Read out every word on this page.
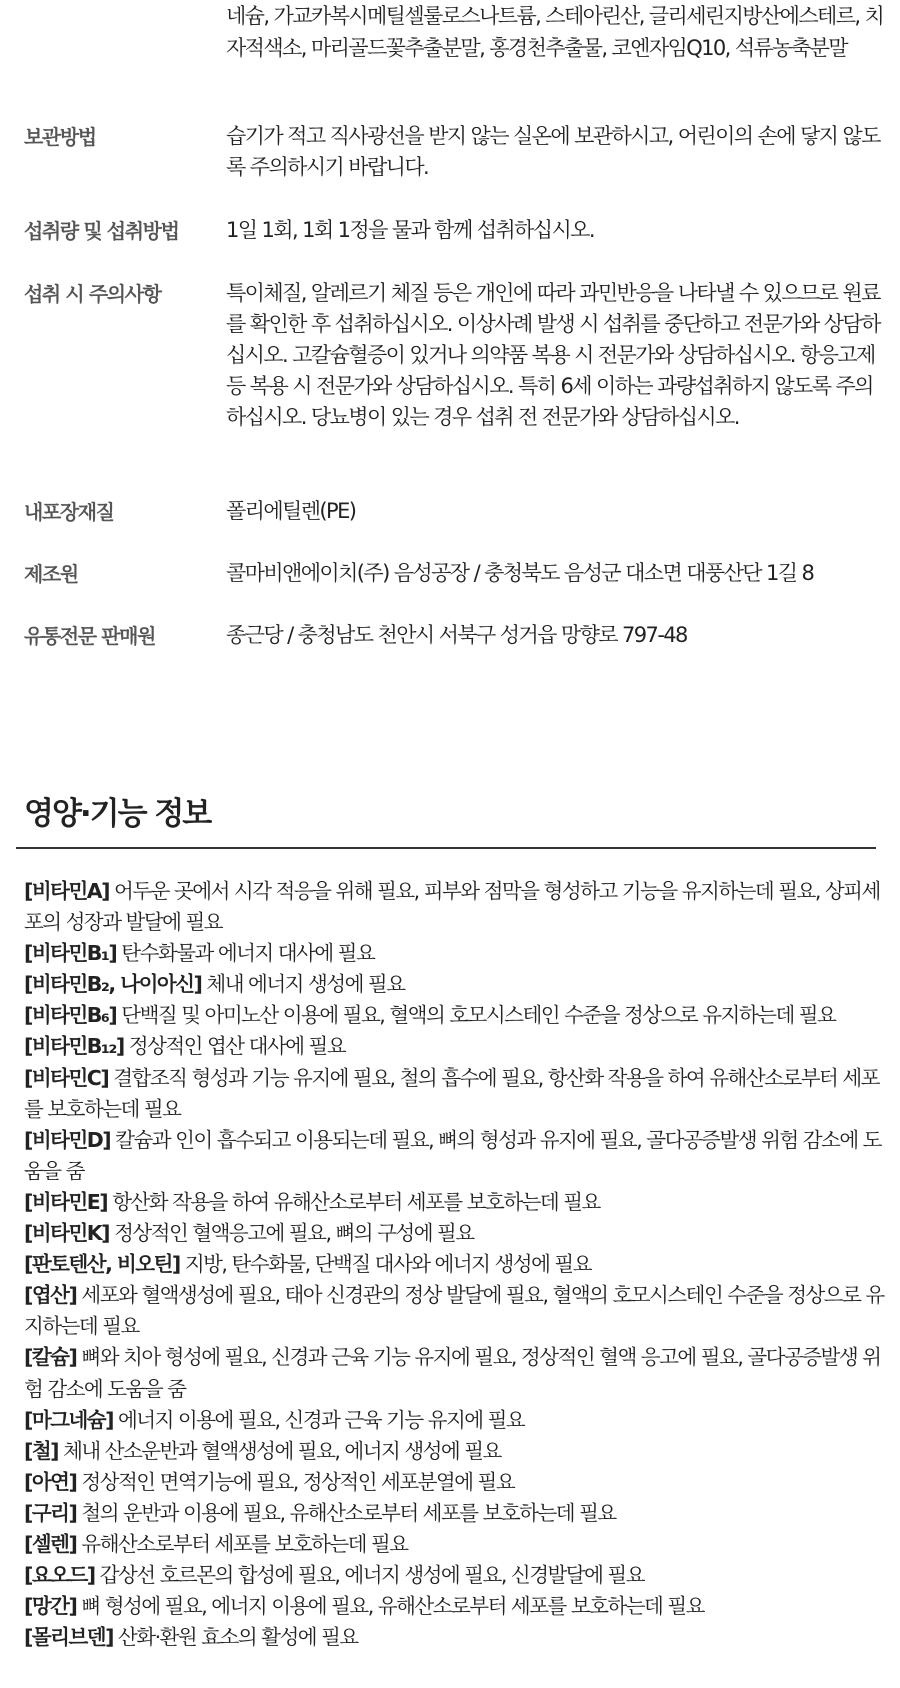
네슘, 가교카복시메틸셀룰로스나트륨, 스테아린산, 글리세린지방산에스테르, 치자적색소, 마리골드꽃추출분말, 홍경천추출물, 코엔자임Q10, 석류농축분말
보관방법	습기가 적고 직사광선을 받지 않는 실온에 보관하시고, 어린이의 손에 닿지 않도록 주의하시기 바랍니다.
섭취량 및 섭취방법	1일 1회, 1회 1정을 물과 함께 섭취하십시오.
섭취 시 주의사항	특이체질, 알레르기 체질 등은 개인에 따라 과민반응을 나타낼 수 있으므로 원료를 확인한 후 섭취하십시오. 이상사례 발생 시 섭취를 중단하고 전문가와 상담하십시오. 고칼슘혈증이 있거나 의약품 복용 시 전문가와 상담하십시오. 항응고제 등 복용 시 전문가와 상담하십시오. 특히 6세 이하는 과량섭취하지 않도록 주의하십시오. 당뇨병이 있는 경우 섭취 전 전문가와 상담하십시오.
내포장재질	폴리에틸렌(PE)
제조원	콜마비앤에이치(주) 음성공장 / 충청북도 음성군 대소면 대풍산단 1길 8
유통전문 판매원	종근당 / 충청남도 천안시 서북구 성거읍 망향로 797-48
영양·기능 정보
[비타민A] 어두운 곳에서 시각 적응을 위해 필요, 피부와 점막을 형성하고 기능을 유지하는데 필요, 상피세포의 성장과 발달에 필요
[비타민B₁] 탄수화물과 에너지 대사에 필요
[비타민B₂, 나이아신] 체내 에너지 생성에 필요
[비타민B₆] 단백질 및 아미노산 이용에 필요, 혈액의 호모시스테인 수준을 정상으로 유지하는데 필요
[비타민B₁₂] 정상적인 엽산 대사에 필요
[비타민C] 결합조직 형성과 기능 유지에 필요, 철의 흡수에 필요, 항산화 작용을 하여 유해산소로부터 세포를 보호하는데 필요
[비타민D] 칼슘과 인이 흡수되고 이용되는데 필요, 뼈의 형성과 유지에 필요, 골다공증발생 위험 감소에 도움을 줌
[비타민E] 항산화 작용을 하여 유해산소로부터 세포를 보호하는데 필요
[비타민K] 정상적인 혈액응고에 필요, 뼈의 구성에 필요
[판토텐산, 비오틴] 지방, 탄수화물, 단백질 대사와 에너지 생성에 필요
[엽산] 세포와 혈액생성에 필요, 태아 신경관의 정상 발달에 필요, 혈액의 호모시스테인 수준을 정상으로 유지하는데 필요
[칼슘] 뼈와 치아 형성에 필요, 신경과 근육 기능 유지에 필요, 정상적인 혈액 응고에 필요, 골다공증발생 위험 감소에 도움을 줌
[마그네슘] 에너지 이용에 필요, 신경과 근육 기능 유지에 필요
[철] 체내 산소운반과 혈액생성에 필요, 에너지 생성에 필요
[아연] 정상적인 면역기능에 필요, 정상적인 세포분열에 필요
[구리] 철의 운반과 이용에 필요, 유해산소로부터 세포를 보호하는데 필요
[셀렌] 유해산소로부터 세포를 보호하는데 필요
[요오드] 갑상선 호르몬의 합성에 필요, 에너지 생성에 필요, 신경발달에 필요
[망간] 뼈 형성에 필요, 에너지 이용에 필요, 유해산소로부터 세포를 보호하는데 필요
[몰리브덴] 산화·환원 효소의 활성에 필요
